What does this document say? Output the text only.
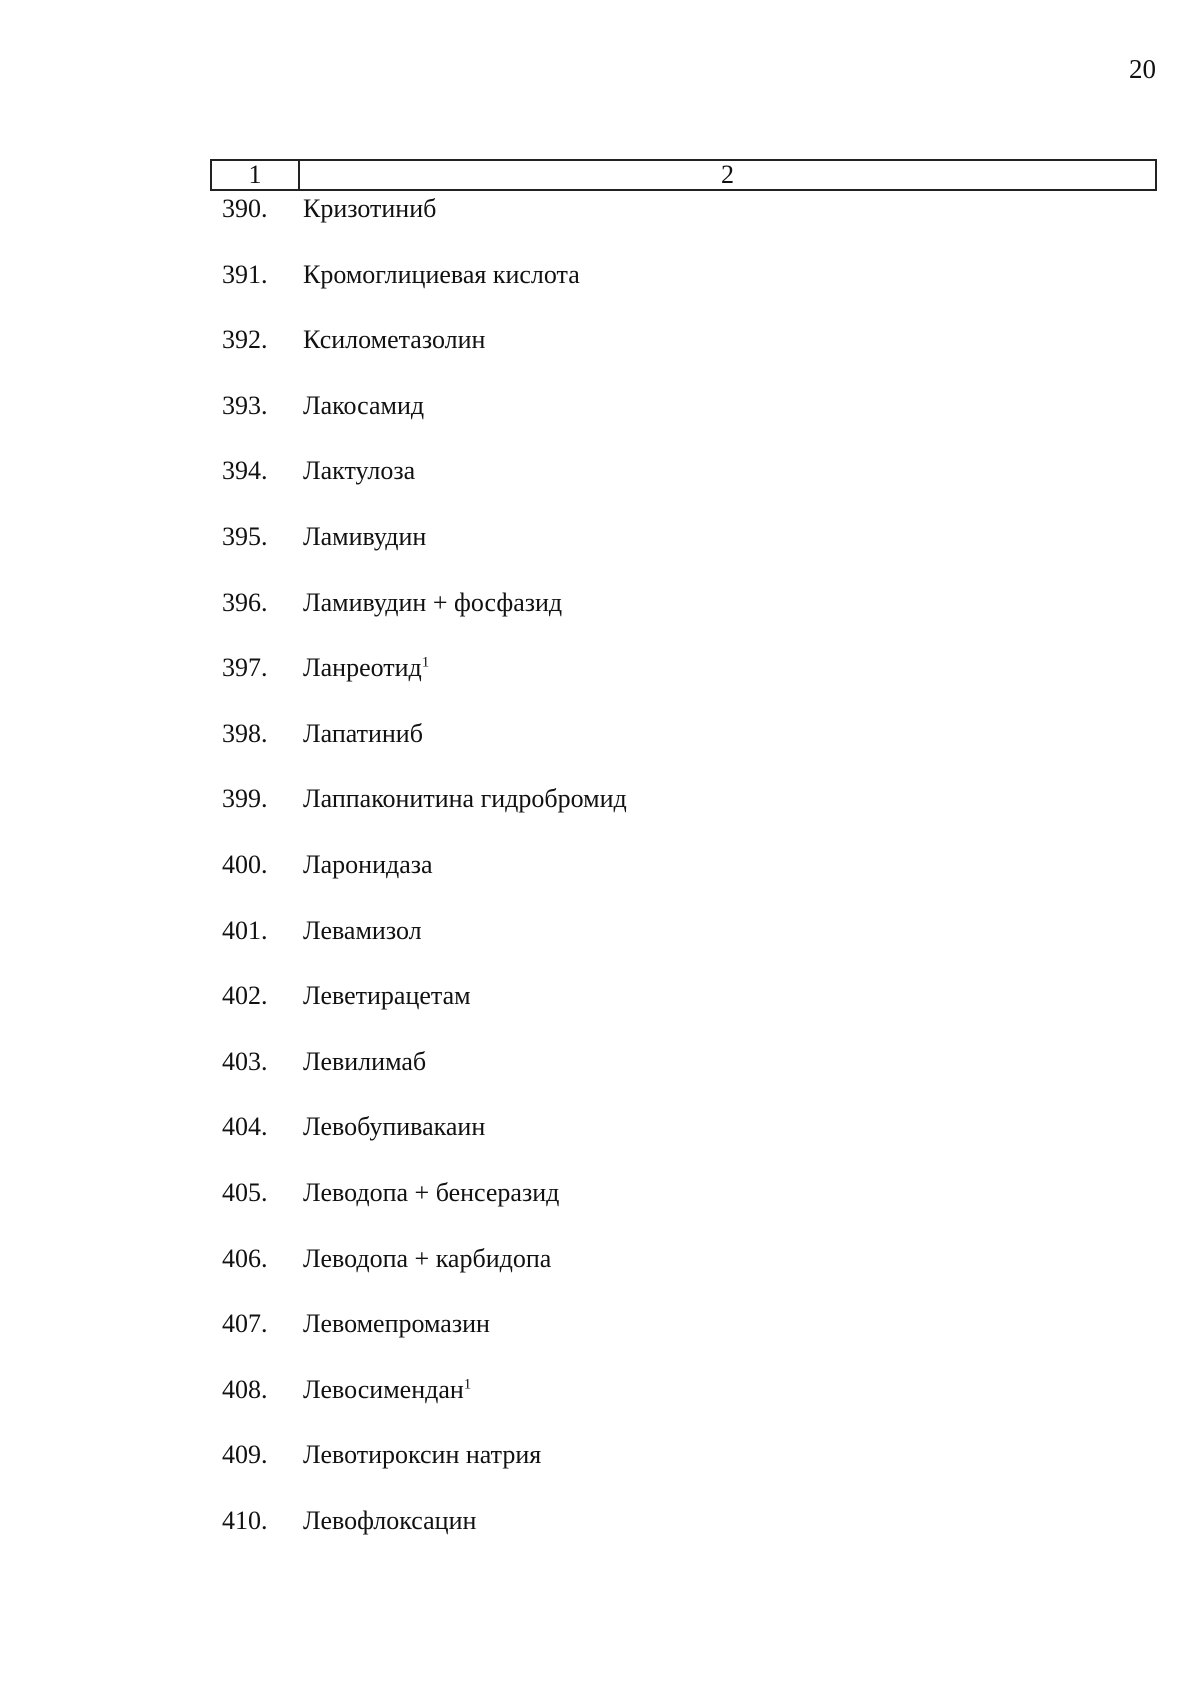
20
1	2
390. Кризотиниб
391. Кромоглициевая кислота
392. Ксилометазолин
393. Лакосамид
394. Лактулоза
395. Ламивудин
396. Ламивудин + фосфазид
397. Ланреотид$^1$
398. Лапатиниб
399. Лаппаконитина гидробромид
400. Ларонидаза
401. Левамизол
402. Леветирацетам
403. Левилимаб
404. Левобупивакаин
405. Леводопа + бенсеразид
406. Леводопа + карбидопа
407. Левомепромазин
408. Левосимендан$^1$
409. Левотироксин натрия
410. Левофлоксацин
